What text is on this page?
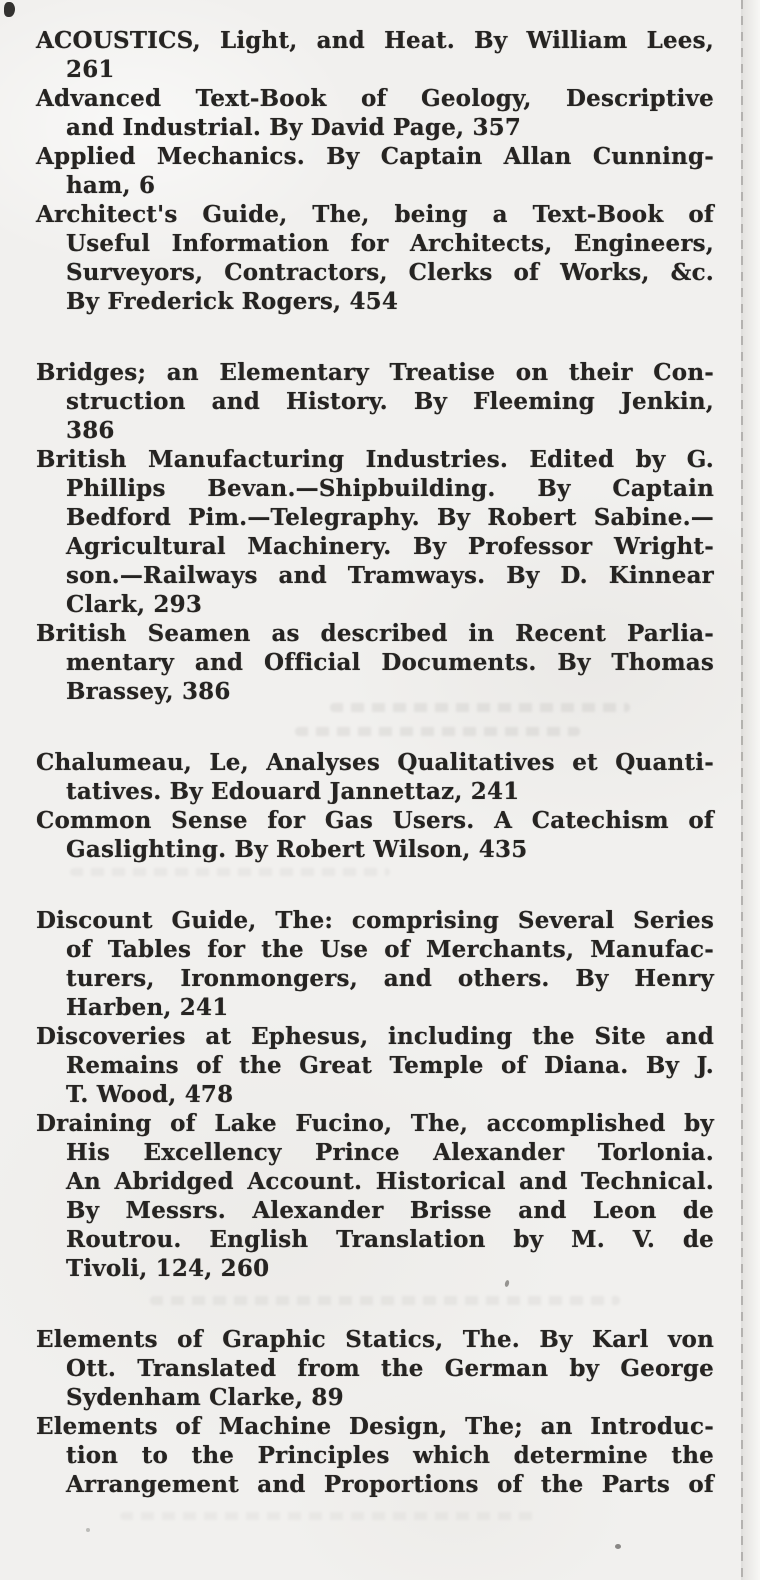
ACOUSTICS, Light, and Heat. By William Lees,
261

Advanced Text-Book of Geology, Descriptive
and Industrial. By David Page, 357

Applied Mechanics. By Captain Allan Cunning-
ham, 6

Architect's Guide, The, being a Text-Book of
Useful Information for Architects, Engineers,
Surveyors, Contractors, Clerks of Works, &c.
By Frederick Rogers, 454

Bridges; an Elementary Treatise on their Con-
struction and History. By Fleeming Jenkin,
386

British Manufacturing Industries. Edited by G.
Phillips Bevan.—Shipbuilding. By Captain
Bedford Pim.—Telegraphy. By Robert Sabine.—
Agricultural Machinery. By Professor Wright-
son.—Railways and Tramways. By D. Kinnear
Clark, 293

British Seamen as described in Recent Parlia-
mentary and Official Documents. By Thomas
Brassey, 386

Chalumeau, Le, Analyses Qualitatives et Quanti-
tatives. By Edouard Jannettaz, 241

Common Sense for Gas Users. A Catechism of
Gaslighting. By Robert Wilson, 435

Discount Guide, The: comprising Several Series
of Tables for the Use of Merchants, Manufac-
turers, Ironmongers, and others. By Henry
Harben, 241

Discoveries at Ephesus, including the Site and
Remains of the Great Temple of Diana. By J.
T. Wood, 478

Draining of Lake Fucino, The, accomplished by
His Excellency Prince Alexander Torlonia.
An Abridged Account. Historical and Technical.
By Messrs. Alexander Brisse and Leon de
Routrou. English Translation by M. V. de
Tivoli, 124, 260

Elements of Graphic Statics, The. By Karl von
Ott. Translated from the German by George
Sydenham Clarke, 89

Elements of Machine Design, The; an Introduc-
tion to the Principles which determine the
Arrangement and Proportions of the Parts of
